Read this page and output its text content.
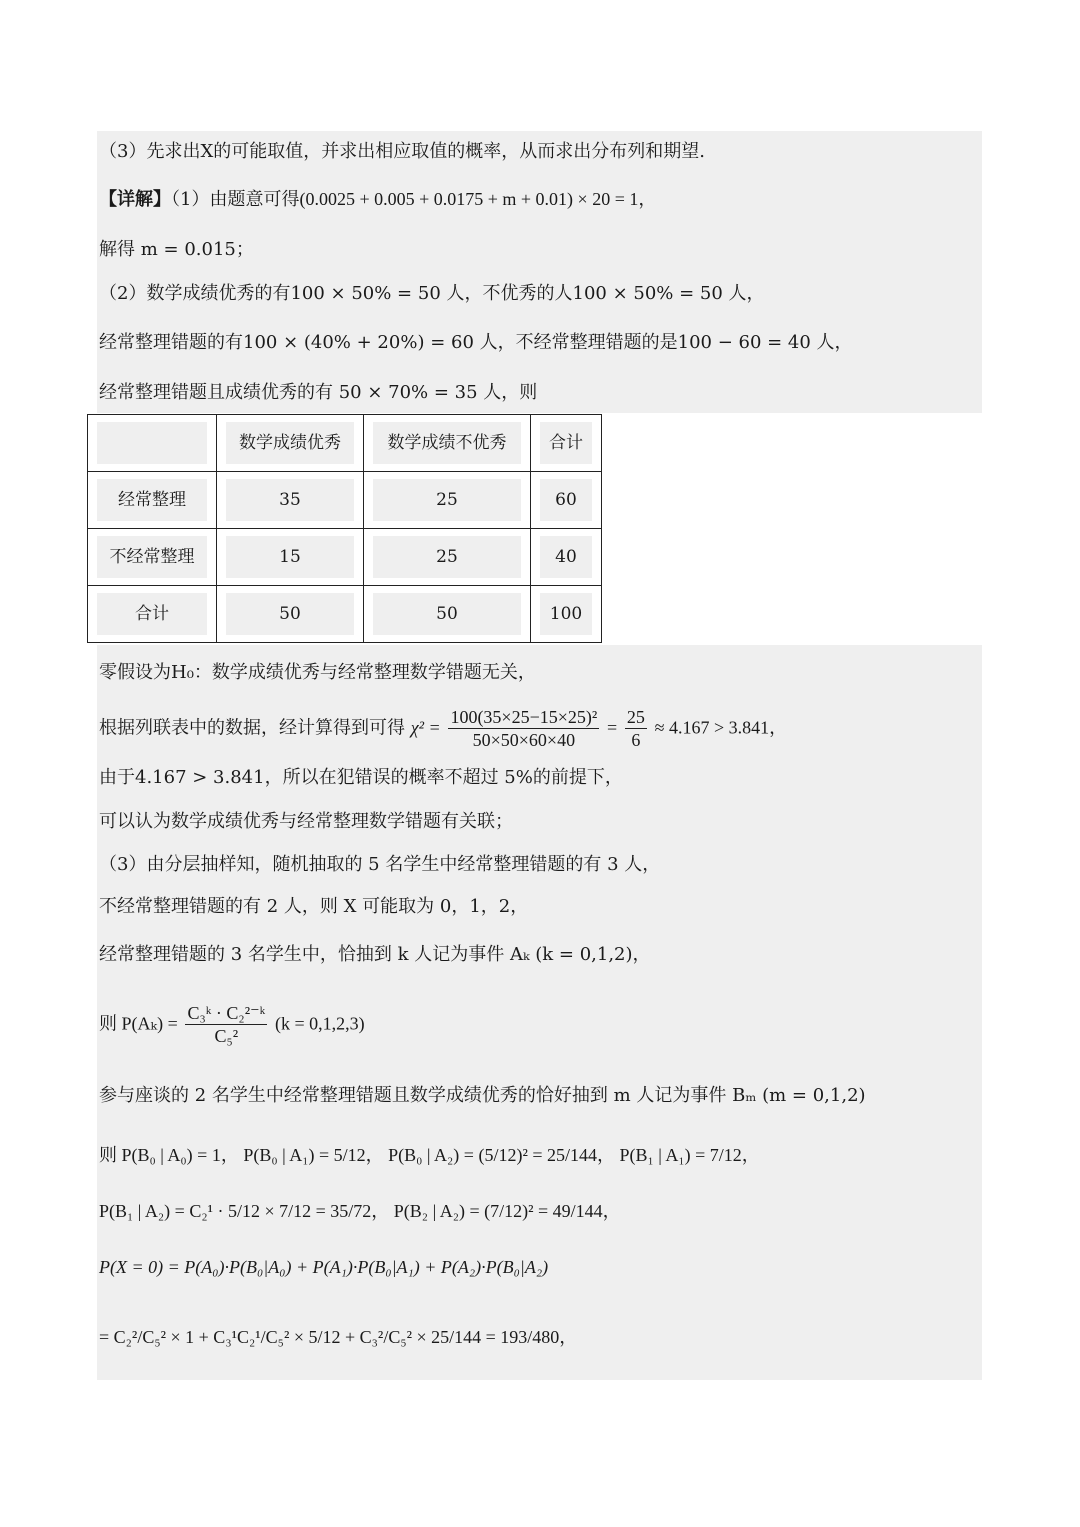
（3）先求出X的可能取值，并求出相应取值的概率，从而求出分布列和期望.
【详解】（1）由题意可得(0.0025 + 0.005 + 0.0175 + m + 0.01) × 20 = 1，
解得 m = 0.015；
（2）数学成绩优秀的有100 × 50% = 50 人，不优秀的人100 × 50% = 50 人，
经常整理错题的有100 × (40% + 20%) = 60 人，不经常整理错题的是100 − 60 = 40 人，
经常整理错题且成绩优秀的有 50 × 70% = 35 人，则

	数学成绩优秀	数学成绩不优秀	合计

经常整理	35	25	60

不经常整理	15	25	40

合计	50	50	100
零假设为H₀：数学成绩优秀与经常整理数学错题无关，
根据列联表中的数据，经计算得到可得 $\chi^2 = \frac{\text{100(35×25−15×25)²}}{50\times 50\times 60\times 40} = \frac{25}{6} \approx 4.167 > 3.841$，
由于4.167 > 3.841，所以在犯错误的概率不超过 5%的前提下，
可以认为数学成绩优秀与经常整理数学错题有关联；
（3）由分层抽样知，随机抽取的 5 名学生中经常整理错题的有 3 人，
不经常整理错题的有 2 人，则 X 可能取为 0，1，2，
经常整理错题的 3 名学生中，恰抽到 k 人记为事件 Aₖ (k = 0,1,2)，
则 $P(A_k) = \frac{\text{C₃ᵏ · C₂²⁻ᵏ}}{\text{C₅²}} (k = 0,1,2,3)$
参与座谈的 2 名学生中经常整理错题且数学成绩优秀的恰好抽到 m 人记为事件 Bₘ (m = 0,1,2)
则 P(B₀ | A₀) = 1， P(B₀ | A₁) = 5/12， P(B₀ | A₂) = (5/12)² = 25/144， P(B₁ | A₁) = 7/12，
P(B₁ | A₂) = C₂¹ · 5/12 × 7/12 = 35/72， P(B₂ | A₂) = (7/12)² = 49/144，
P(X = 0) = P(A₀)·P(B₀|A₀) + P(A₁)·P(B₀|A₁) + P(A₂)·P(B₀|A₂)
= C₂²/C₅² × 1 + C₃¹C₂¹/C₅² × 5/12 + C₃²/C₅² × 25/144 = 193/480，
